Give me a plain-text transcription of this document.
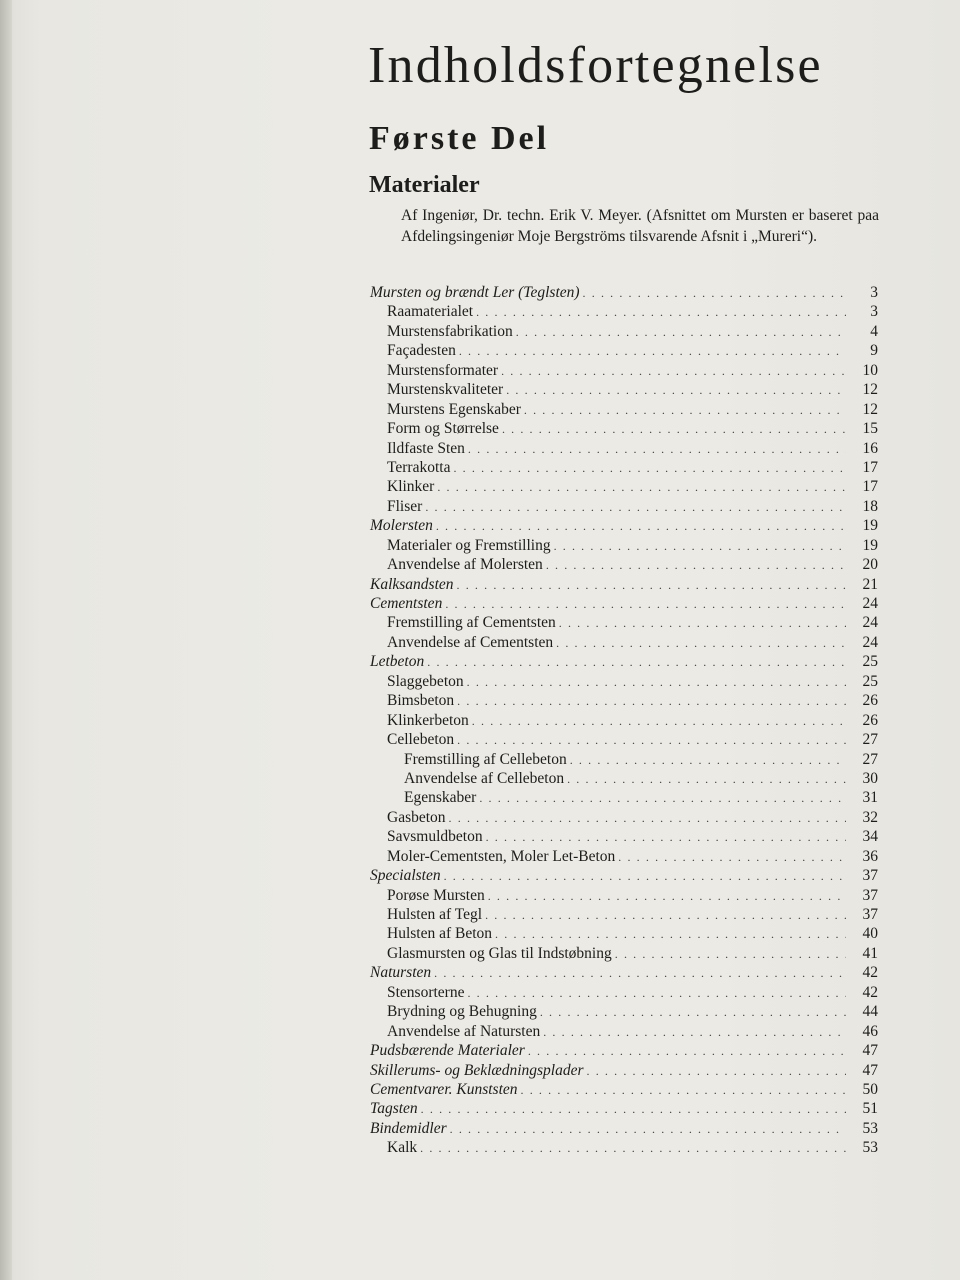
Indholdsfortegnelse
Første Del
Materialer
Af Ingeniør, Dr. techn. Erik V. Meyer. (Afsnittet om Mursten er baseret paa Afdelingsingeniør Moje Bergströms tilsvarende Afsnit i „Mureri“).
Mursten og brændt Ler (Teglsten) . . .	3
Raamaterialet . . .	3
Murstensfabrikation . . .	4
Façadesten . . .	9
Murstensformater . . .	10
Murstenskvaliteter . . .	12
Murstens Egenskaber . . .	12
Form og Størrelse . . .	15
Ildfaste Sten . . .	16
Terrakotta . . .	17
Klinker . . .	17
Fliser . . .	18
Molersten . . .	19
Materialer og Fremstilling . . .	19
Anvendelse af Molersten . . .	20
Kalksandsten . . .	21
Cementsten . . .	24
Fremstilling af Cementsten . . .	24
Anvendelse af Cementsten . . .	24
Letbeton . . .	25
Slaggebeton . . .	25
Bimsbeton . . .	26
Klinkerbeton . . .	26
Cellebeton . . .	27
Fremstilling af Cellebeton . . .	27
Anvendelse af Cellebeton . . .	30
Egenskaber . . .	31
Gasbeton . . .	32
Savsmuldbeton . . .	34
Moler-Cementsten, Moler Let-Beton . . .	36
Specialsten . . .	37
Porøse Mursten . . .	37
Hulsten af Tegl . . .	37
Hulsten af Beton . . .	40
Glasmursten og Glas til Indstøbning . . .	41
Natursten . . .	42
Stensorterne . . .	42
Brydning og Behugning . . .	44
Anvendelse af Natursten . . .	46
Pudsbærende Materialer . . .	47
Skillerums- og Beklædningsplader . . .	47
Cementvarer. Kunststen . . .	50
Tagsten . . .	51
Bindemidler . . .	53
Kalk . . .	53
